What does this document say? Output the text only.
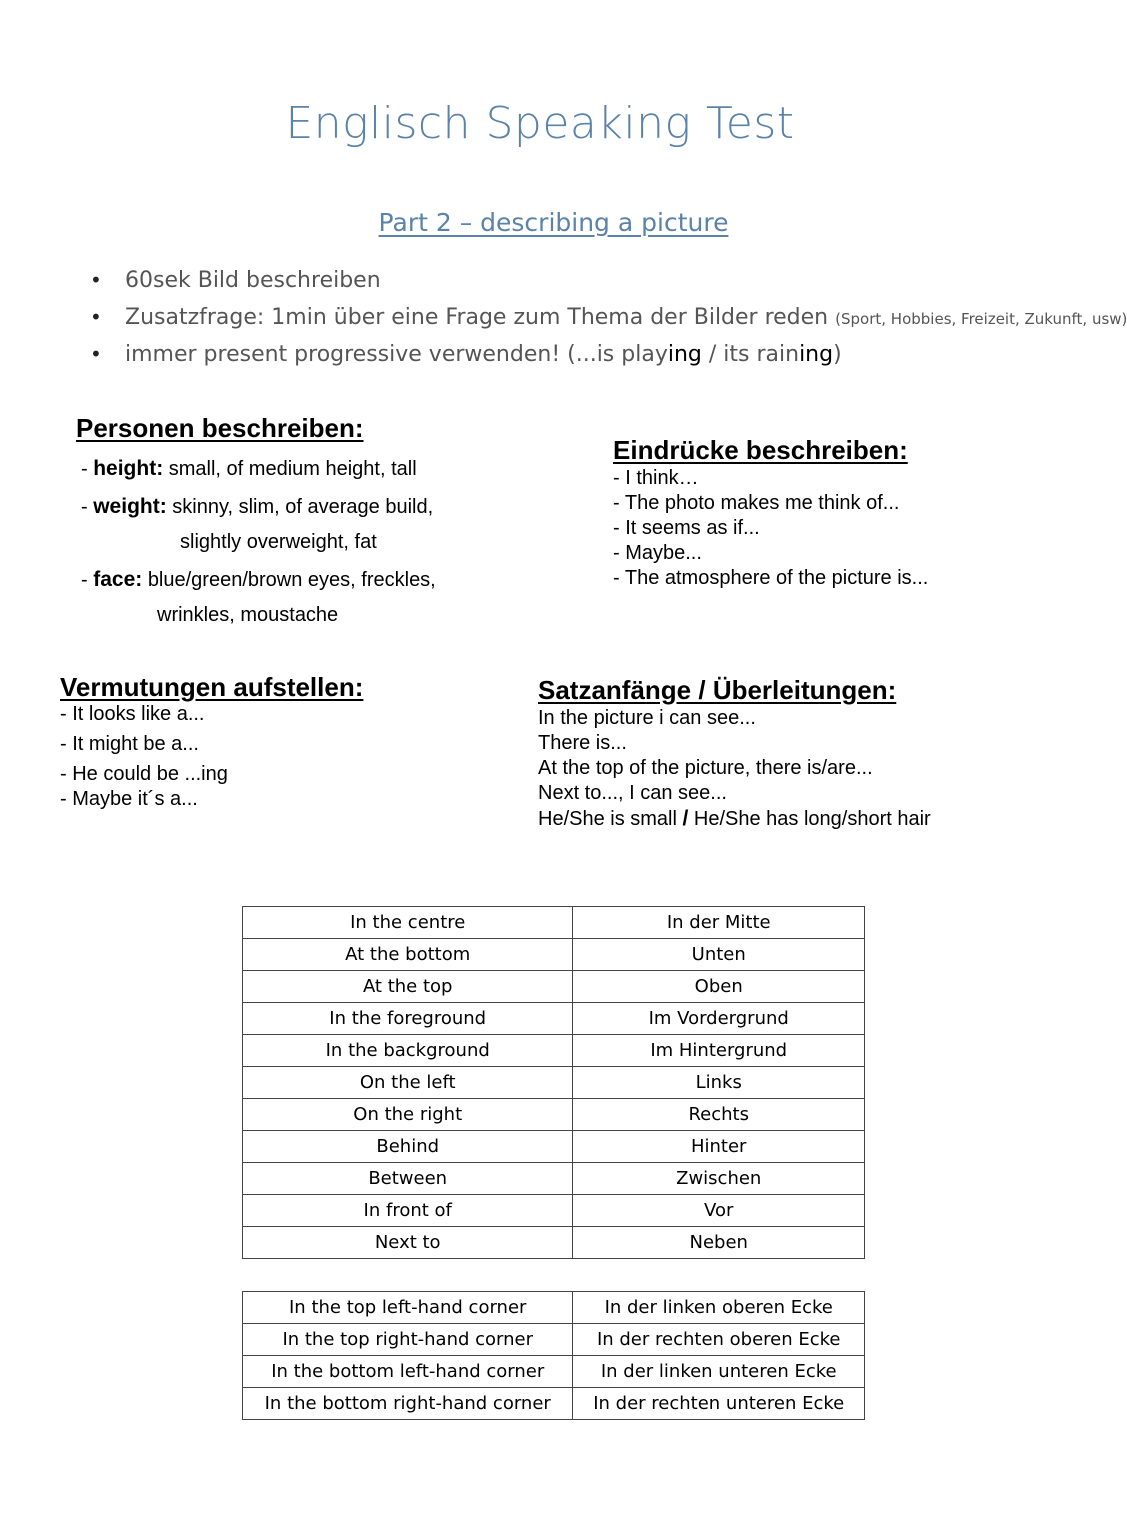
Englisch Speaking Test
Part 2 – describing a picture
• 60sek Bild beschreiben
• Zusatzfrage: 1min über eine Frage zum Thema der Bilder reden (Sport, Hobbies, Freizeit, Zukunft, usw)
• immer present progressive verwenden! (...is playing / its raining)
Personen beschreiben:
- height: small, of medium height, tall
- weight: skinny, slim, of average build,
slightly overweight, fat
- face: blue/green/brown eyes, freckles,
wrinkles, moustache
Eindrücke beschreiben:
- I think…
- The photo makes me think of...
- It seems as if...
- Maybe...
- The atmosphere of the picture is...
Vermutungen aufstellen:
- It looks like a...
- It might be a...
- He could be ...ing
- Maybe it´s a...
Satzanfänge / Überleitungen:
In the picture i can see...
There is...
At the top of the picture, there is/are...
Next to..., I can see...
He/She is small / He/She has long/short hair
In the centre	In der Mitte
At the bottom	Unten
At the top	Oben
In the foreground	Im Vordergrund
In the background	Im Hintergrund
On the left	Links
On the right	Rechts
Behind	Hinter
Between	Zwischen
In front of	Vor
Next to	Neben
In the top left-hand corner	In der linken oberen Ecke
In the top right-hand corner	In der rechten oberen Ecke
In the bottom left-hand corner	In der linken unteren Ecke
In the bottom right-hand corner	In der rechten unteren Ecke
